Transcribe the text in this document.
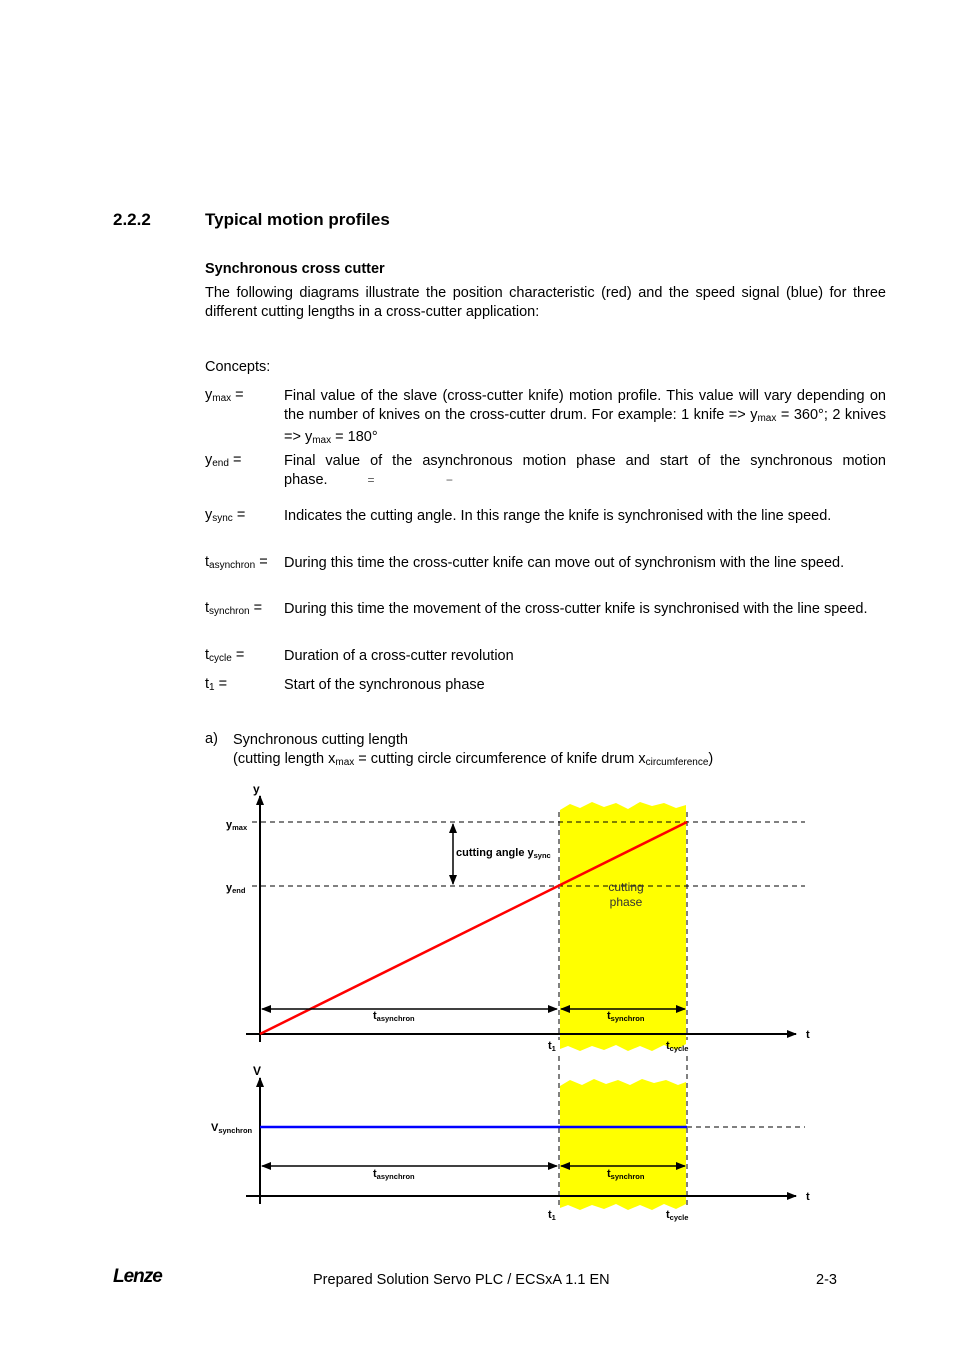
2.2.2	Typical motion profiles
Synchronous cross cutter
The following diagrams illustrate the position characteristic (red) and the speed signal (blue) for three different cutting lengths in a cross-cutter application:
Concepts:
$y_{max}$ =	Final value of the slave (cross-cutter knife) motion profile. This value will vary depending on the number of knives on the cross-cutter drum. For example: 1 knife => $y_{max} = 360^\circ$; 2 knives => $y_{max} = 180^\circ$
$y_{end}$ =	Final value of the asynchronous motion phase and start of the synchronous motion phase.	= −
$y_{sync}$ =	Indicates the cutting angle. In this range the knife is synchronised with the line speed.
$t_{asynchron}$ = During this time the cross-cutter knife can move out of synchronism with the line speed.
$t_{synchron}$ = During this time the movement of the cross-cutter knife is synchronised with the line speed.
$t_{cycle}$ =	Duration of a cross-cutter revolution
$t_1$ =	Start of the synchronous phase
a) Synchronous cutting length
(cutting length $x_{max}$ = cutting circle circumference of knife drum $x_{circumference}$)
y
t
ymax
yend
cutting angle ysync
cutting phase
tasynchron	tsynchron
t1	tcycle
V
t
Vsynchron
tasynchron	tsynchron
t1	tcycle
Lenze	Prepared Solution Servo PLC / ECSxA 1.1 EN	2-3
